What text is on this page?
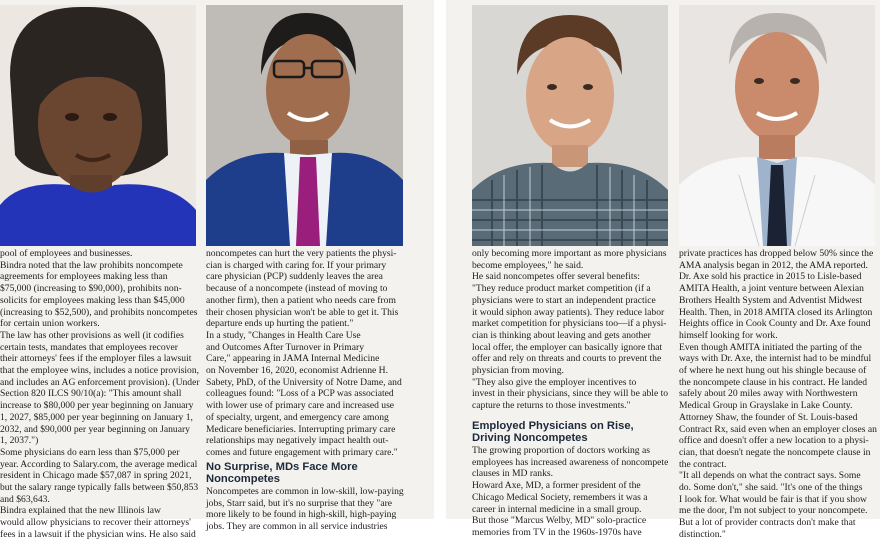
pool of employees and businesses.

Bindra noted that the law prohibits noncompete

agreements for employees making less than

$75,000 (increasing to $90,000), prohibits non-

solicits for employees making less than $45,000

(increasing to $52,500), and prohibits noncompetes

for certain union workers.

The law has other provisions as well (it codifies

certain tests, mandates that employees recover

their attorneys' fees if the employer files a lawsuit

that the employee wins, includes a notice provision,

and includes an AG enforcement provision). (Under

Section 820 ILCS 90/10(a): "This amount shall

increase to $80,000 per year beginning on January

1, 2027, $85,000 per year beginning on January 1,

2032, and $90,000 per year beginning on January

1, 2037.")

Some physicians do earn less than $75,000 per

year. According to Salary.com, the average medical

resident in Chicago made $57,087 in spring 2021,

but the salary range typically falls between $50,853

and $63,643.

Bindra explained that the new Illinois law

would allow physicians to recover their attorneys'

fees in a lawsuit if the physician wins. He also said

noncompetes can hurt the very patients the physi-

cian is charged with caring for. If your primary

care physician (PCP) suddenly leaves the area

because of a noncompete (instead of moving to

another firm), then a patient who needs care from

their chosen physician won't be able to get it. This

departure ends up hurting the patient."

In a study, "Changes in Health Care Use

and Outcomes After Turnover in Primary

Care," appearing in JAMA Internal Medicine

on November 16, 2020, economist Adrienne H.

Sabety, PhD, of the University of Notre Dame, and

colleagues found: "Loss of a PCP was associated

with lower use of primary care and increased use

of specialty, urgent, and emergency care among

Medicare beneficiaries. Interrupting primary care

relationships may negatively impact health out-

comes and future engagement with primary care."

No Surprise, MDs Face More

Noncompetes

Noncompetes are common in low-skill, low-paying

jobs, Starr said, but it's no surprise that they "are

more likely to be found in high-skill, high-paying

jobs. They are common in all service industries

only becoming more important as more physicians

become employees," he said.

He said noncompetes offer several benefits:

"They reduce product market competition (if a

physicians were to start an independent practice

it would siphon away patients). They reduce labor

market competition for physicians too—if a physi-

cian is thinking about leaving and gets another

local offer, the employer can basically ignore that

offer and rely on threats and courts to prevent the

physician from moving.

"They also give the employer incentives to

invest in their physicians, since they will be able to

capture the returns to those investments."

Employed Physicians on Rise,

Driving Noncompetes

The growing proportion of doctors working as

employees has increased awareness of noncompete

clauses in MD ranks.

Howard Axe, MD, a former president of the

Chicago Medical Society, remembers it was a

career in internal medicine in a small group.

But those "Marcus Welby, MD" solo-practice

memories from TV in the 1960s-1970s have

private practices has dropped below 50% since the

AMA analysis began in 2012, the AMA reported.

Dr. Axe sold his practice in 2015 to Lisle-based

AMITA Health, a joint venture between Alexian

Brothers Health System and Adventist Midwest

Health. Then, in 2018 AMITA closed its Arlington

Heights office in Cook County and Dr. Axe found

himself looking for work.

Even though AMITA initiated the parting of the

ways with Dr. Axe, the internist had to be mindful

of where he next hung out his shingle because of

the noncompete clause in his contract. He landed

safely about 20 miles away with Northwestern

Medical Group in Grayslake in Lake County.

Attorney Shaw, the founder of St. Louis-based

Contract Rx, said even when an employer closes an

office and doesn't offer a new location to a physi-

cian, that doesn't negate the noncompete clause in

the contract.

"It all depends on what the contract says. Some

do. Some don't," she said. "It's one of the things

I look for. What would be fair is that if you show

me the door, I'm not subject to your noncompete.

But a lot of provider contracts don't make that

distinction."
